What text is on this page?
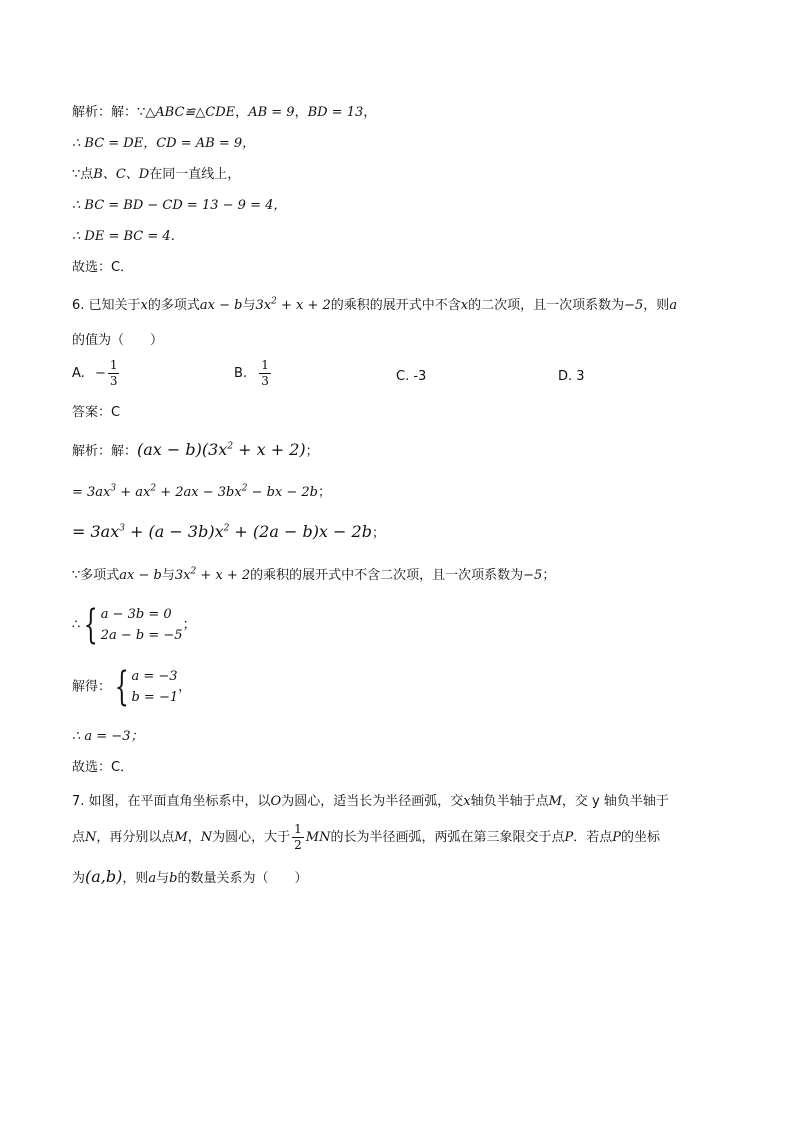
解析：解：∵△ABC≌△CDE，AB = 9，BD = 13，
∴ BC = DE，CD = AB = 9，
∵点B、C、D在同一直线上，
∴ BC = BD − CD = 13 − 9 = 4，
∴ DE = BC = 4．
故选：C．
6. 已知关于x的多项式ax − b与$3x^2 + x + 2$的乘积的展开式中不含x的二次项，且一次项系数为−5，则a
的值为（　　）
A. − $\frac{1}{3}$	B. $\frac{1}{3}$	C. -3	D. 3
答案：C
解析：解：$(ax - b)(3x^2 + x + 2)$；
= $3ax^3 + ax^2 + 2ax - 3bx^2$ − bx − 2b；
= $3ax^3 + (a - 3b)x^2 + (2a - b)x - 2b$；
∵多项式ax − b与$3x^2 + x + 2$的乘积的展开式中不含二次项，且一次项系数为−5；
∴{ a − 3b = 0
2a − b = −5
；
解得：{ a = −3
b = −1
，
∴ a = −3；
故选：C．
7. 如图，在平面直角坐标系中，以O为圆心，适当长为半径画弧，交x轴负半轴于点M，交 y 轴负半轴于
点N，再分别以点M，N为圆心，大于 $\frac{1}{2}$ MN的长为半径画弧，两弧在第三象限交于点P．若点P的坐标
为(a,b)，则a与b的数量关系为（　　）
